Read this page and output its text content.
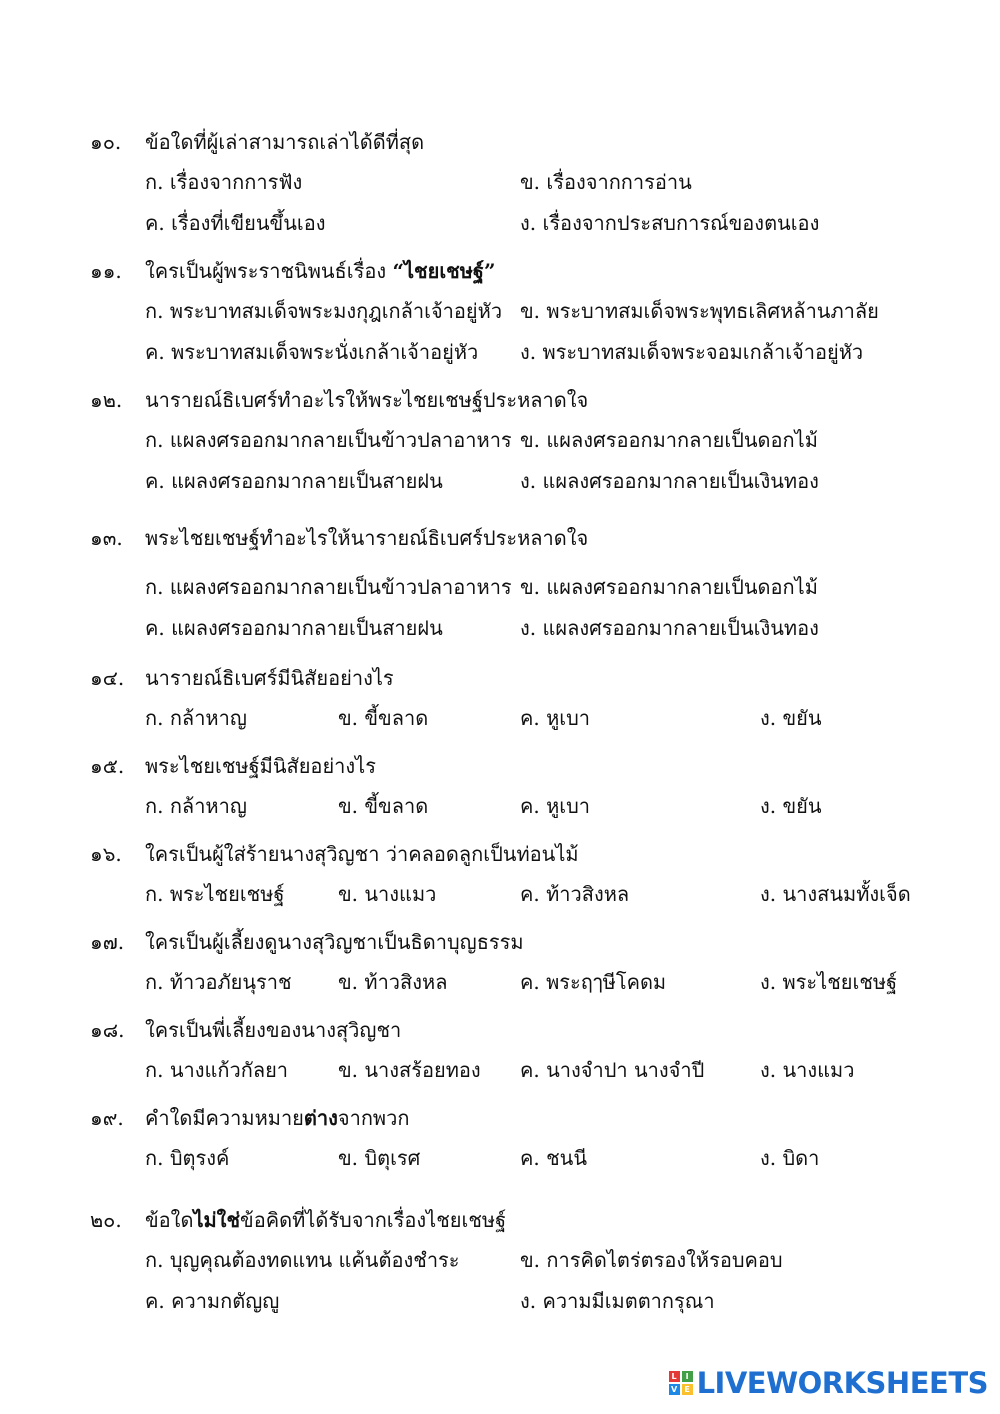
๑๐. ข้อใดที่ผู้เล่าสามารถเล่าได้ดีที่สุด
ก. เรื่องจากการฟัง	ข. เรื่องจากการอ่าน
ค. เรื่องที่เขียนขึ้นเอง	ง. เรื่องจากประสบการณ์ของตนเอง
๑๑. ใครเป็นผู้พระราชนิพนธ์เรื่อง “ไชยเชษฐ์”
ก. พระบาทสมเด็จพระมงกุฎเกล้าเจ้าอยู่หัว ข. พระบาทสมเด็จพระพุทธเลิศหล้านภาลัย
ค. พระบาทสมเด็จพระนั่งเกล้าเจ้าอยู่หัว ง. พระบาทสมเด็จพระจอมเกล้าเจ้าอยู่หัว
๑๒. นารายณ์ธิเบศร์ทำอะไรให้พระไชยเชษฐ์ประหลาดใจ
ก. แผลงศรออกมากลายเป็นข้าวปลาอาหาร ข. แผลงศรออกมากลายเป็นดอกไม้
ค. แผลงศรออกมากลายเป็นสายฝน	ง. แผลงศรออกมากลายเป็นเงินทอง
๑๓. พระไชยเชษฐ์ทำอะไรให้นารายณ์ธิเบศร์ประหลาดใจ
ก. แผลงศรออกมากลายเป็นข้าวปลาอาหาร ข. แผลงศรออกมากลายเป็นดอกไม้
ค. แผลงศรออกมากลายเป็นสายฝน	ง. แผลงศรออกมากลายเป็นเงินทอง
๑๔. นารายณ์ธิเบศร์มีนิสัยอย่างไร
ก. กล้าหาญ	ข. ขี้ขลาด	ค. หูเบา	ง. ขยัน
๑๕. พระไชยเชษฐ์มีนิสัยอย่างไร
ก. กล้าหาญ	ข. ขี้ขลาด	ค. หูเบา	ง. ขยัน
๑๖. ใครเป็นผู้ใส่ร้ายนางสุวิญชา ว่าคลอดลูกเป็นท่อนไม้
ก. พระไชยเชษฐ์	ข. นางแมว	ค. ท้าวสิงหล	ง. นางสนมทั้งเจ็ด
๑๗. ใครเป็นผู้เลี้ยงดูนางสุวิญชาเป็นธิดาบุญธรรม
ก. ท้าวอภัยนุราช ข. ท้าวสิงหล	ค. พระฤๅษีโคดม	ง. พระไชยเชษฐ์
๑๘. ใครเป็นพี่เลี้ยงของนางสุวิญชา
ก. นางแก้วกัลยา ข. นางสร้อยทอง ค. นางจำปา นางจำปี	ง. นางแมว
๑๙. คำใดมีความหมายต่างจากพวก
ก. บิตุรงค์	ข. บิตุเรศ	ค. ชนนี	ง. บิดา
๒๐. ข้อใดไม่ใช่ข้อคิดที่ได้รับจากเรื่องไชยเชษฐ์
ก. บุญคุณต้องทดแทน แค้นต้องชำระ	ข. การคิดไตร่ตรองให้รอบคอบ
ค. ความกตัญญู	ง. ความมีเมตตากรุณา
L	I
V E LIVEWORKSHEETS
